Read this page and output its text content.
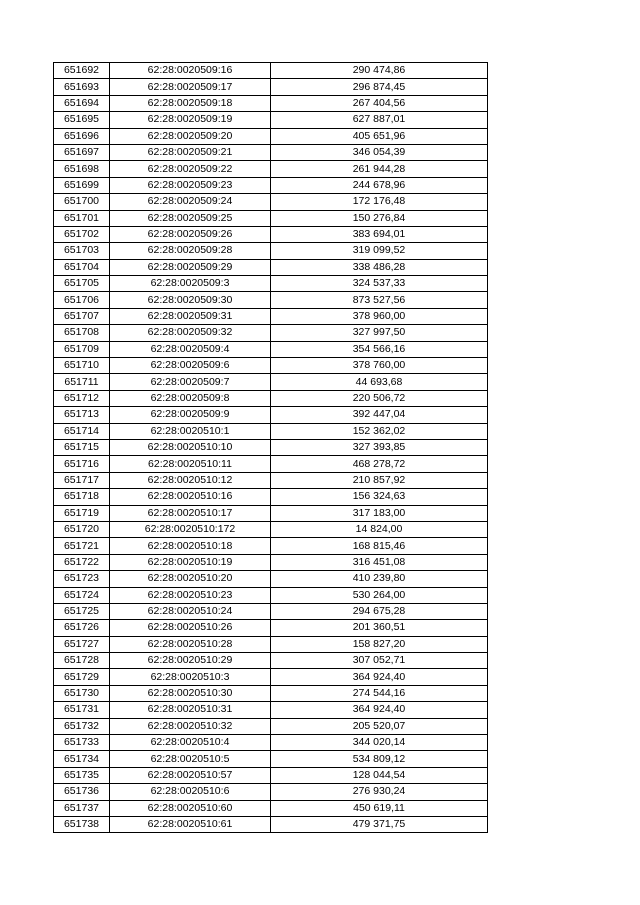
651692	62:28:0020509:16	290 474,86
651693	62:28:0020509:17	296 874,45
651694	62:28:0020509:18	267 404,56
651695	62:28:0020509:19	627 887,01
651696	62:28:0020509:20	405 651,96
651697	62:28:0020509:21	346 054,39
651698	62:28:0020509:22	261 944,28
651699	62:28:0020509:23	244 678,96
651700	62:28:0020509:24	172 176,48
651701	62:28:0020509:25	150 276,84
651702	62:28:0020509:26	383 694,01
651703	62:28:0020509:28	319 099,52
651704	62:28:0020509:29	338 486,28
651705	62:28:0020509:3	324 537,33
651706	62:28:0020509:30	873 527,56
651707	62:28:0020509:31	378 960,00
651708	62:28:0020509:32	327 997,50
651709	62:28:0020509:4	354 566,16
651710	62:28:0020509:6	378 760,00
651711	62:28:0020509:7	44 693,68
651712	62:28:0020509:8	220 506,72
651713	62:28:0020509:9	392 447,04
651714	62:28:0020510:1	152 362,02
651715	62:28:0020510:10	327 393,85
651716	62:28:0020510:11	468 278,72
651717	62:28:0020510:12	210 857,92
651718	62:28:0020510:16	156 324,63
651719	62:28:0020510:17	317 183,00
651720	62:28:0020510:172	14 824,00
651721	62:28:0020510:18	168 815,46
651722	62:28:0020510:19	316 451,08
651723	62:28:0020510:20	410 239,80
651724	62:28:0020510:23	530 264,00
651725	62:28:0020510:24	294 675,28
651726	62:28:0020510:26	201 360,51
651727	62:28:0020510:28	158 827,20
651728	62:28:0020510:29	307 052,71
651729	62:28:0020510:3	364 924,40
651730	62:28:0020510:30	274 544,16
651731	62:28:0020510:31	364 924,40
651732	62:28:0020510:32	205 520,07
651733	62:28:0020510:4	344 020,14
651734	62:28:0020510:5	534 809,12
651735	62:28:0020510:57	128 044,54
651736	62:28:0020510:6	276 930,24
651737	62:28:0020510:60	450 619,11
651738	62:28:0020510:61	479 371,75
